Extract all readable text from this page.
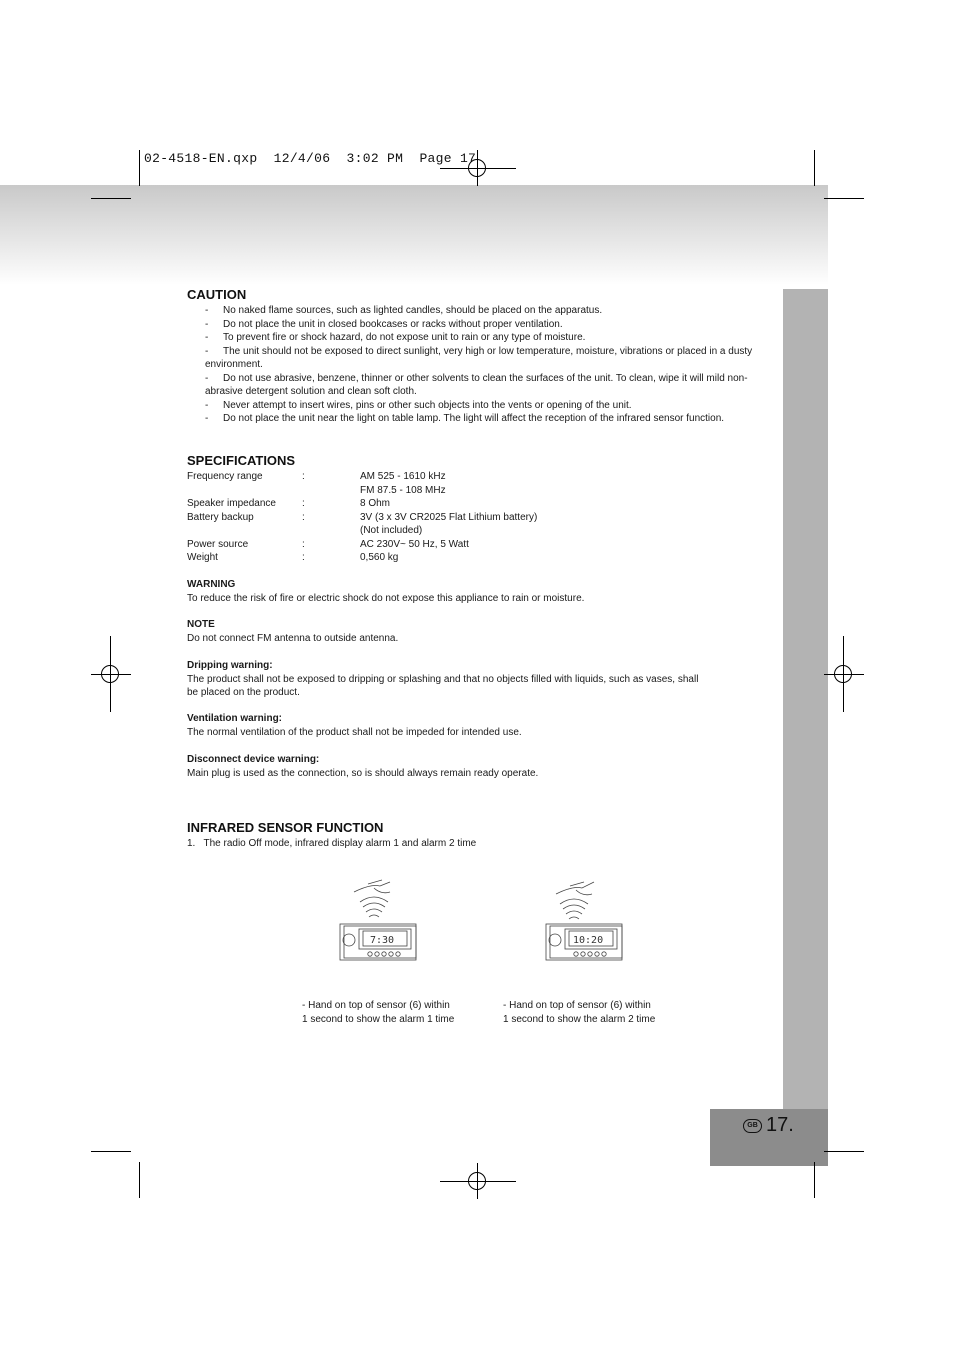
02-4518-EN.qxp  12/4/06  3:02 PM  Page 17
GB 17.
CAUTION
- No naked flame sources, such as lighted candles, should be placed on the apparatus.
- Do not place the unit in closed bookcases or racks without proper ventilation.
- To prevent fire or shock hazard, do not expose unit to rain or any type of moisture.
- The unit should not be exposed to direct sunlight, very high or low temperature, moisture, vibrations or placed in a dusty
environment.
- Do not use abrasive, benzene, thinner or other solvents to clean the surfaces of the unit. To clean, wipe it will mild non-
abrasive detergent solution and clean soft cloth.
- Never attempt to insert wires, pins or other such objects into the vents or opening of the unit.
- Do not place the unit near the light on table lamp. The light will affect the reception of the infrared sensor function.
SPECIFICATIONS
Frequency range	:	AM 525 - 1610 kHz
FM 87.5 - 108 MHz
Speaker impedance	:	8 Ohm
Battery backup	:	3V (3 x 3V CR2025 Flat Lithium battery)
(Not included)
Power source	:	AC 230V~ 50 Hz, 5 Watt
Weight	:	0,560 kg
WARNING
To reduce the risk of fire or electric shock do not expose this appliance to rain or moisture.
NOTE
Do not connect FM antenna to outside antenna.
Dripping warning:
The product shall not be exposed to dripping or splashing and that no objects filled with liquids, such as vases, shall
be placed on the product.
Ventilation warning:
The normal ventilation of the product shall not be impeded for intended use.
Disconnect device warning:
Main plug is used as the connection, so is should always remain ready operate.
INFRARED SENSOR FUNCTION
1.   The radio Off mode, infrared display alarm 1 and alarm 2 time
7:30	10:20
- Hand on top of sensor (6) within
1 second to show the alarm 1 time
- Hand on top of sensor (6) within
1 second to show the alarm 2 time
